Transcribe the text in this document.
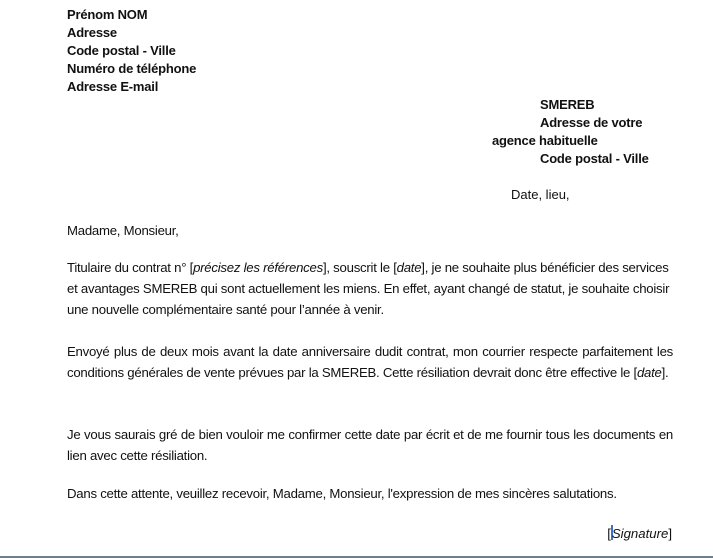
Prénom NOM
Adresse
Code postal - Ville
Numéro de téléphone
Adresse E-mail
SMEREB
Adresse de votre
agence habituelle
Code postal - Ville
Date, lieu,
Madame, Monsieur,
Titulaire du contrat n° [précisez les références], souscrit le [date], je ne souhaite plus bénéficier des services et avantages SMEREB qui sont actuellement les miens. En effet, ayant changé de statut, je souhaite choisir une nouvelle complémentaire santé pour l’année à venir.
Envoyé plus de deux mois avant la date anniversaire dudit contrat, mon courrier respecte parfaitement les conditions générales de vente prévues par la SMEREB. Cette résiliation devrait donc être effective le [date].
Je vous saurais gré de bien vouloir me confirmer cette date par écrit et de me fournir tous les documents en lien avec cette résiliation.
Dans cette attente, veuillez recevoir, Madame, Monsieur, l'expression de mes sincères salutations.
[Signature]
